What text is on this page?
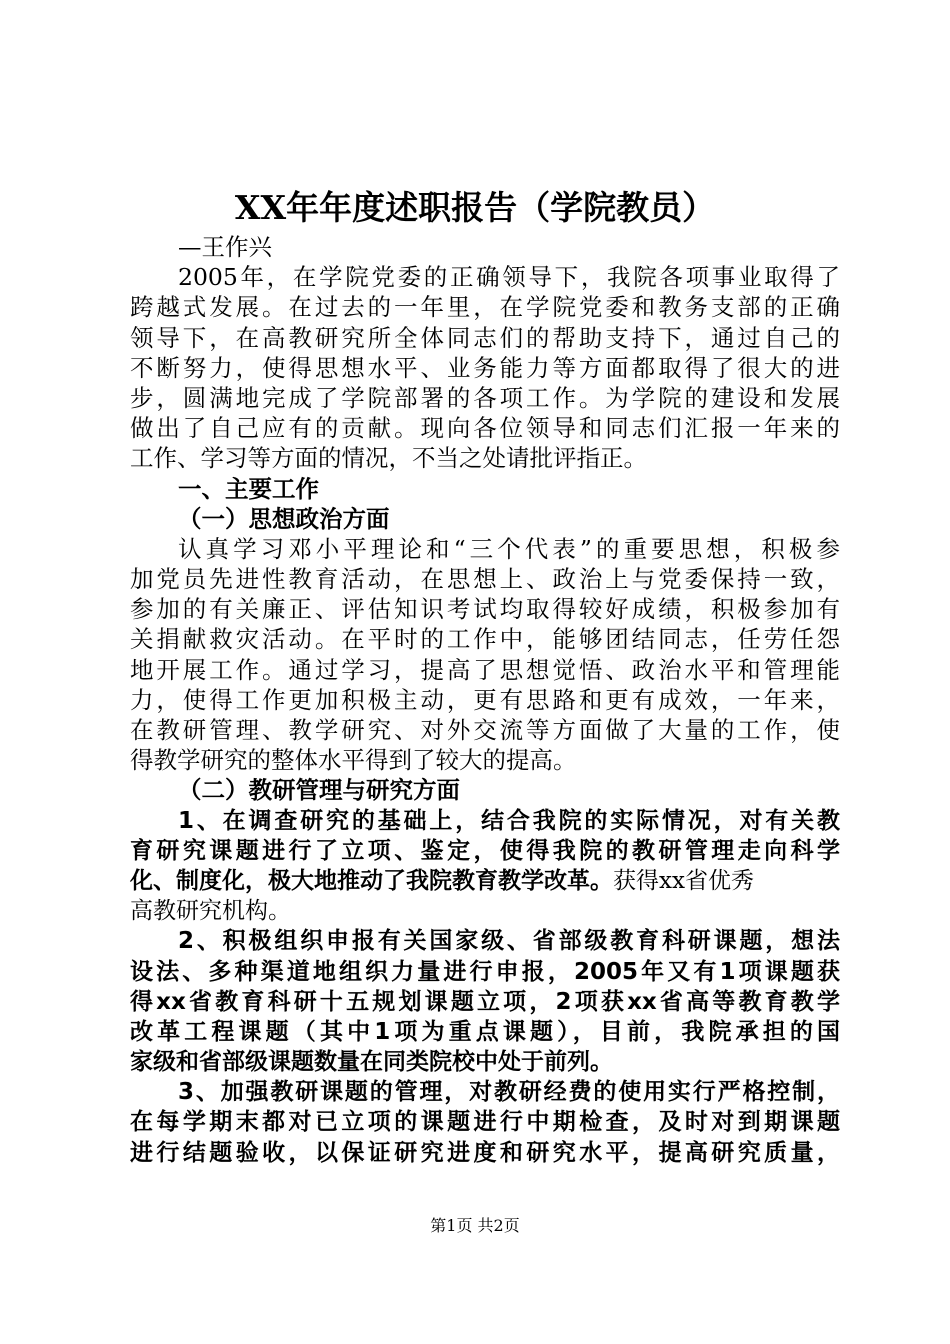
XX年年度述职报告（学院教员）
—王作兴
2005年，在学院党委的正确领导下，我院各项事业取得了
跨越式发展。在过去的一年里，在学院党委和教务支部的正确
领导下，在高教研究所全体同志们的帮助支持下，通过自己的
不断努力，使得思想水平、业务能力等方面都取得了很大的进
步，圆满地完成了学院部署的各项工作。为学院的建设和发展
做出了自己应有的贡献。现向各位领导和同志们汇报一年来的
工作、学习等方面的情况，不当之处请批评指正。
一、主要工作
（一）思想政治方面
认真学习邓小平理论和“三个代表”的重要思想，积极参
加党员先进性教育活动，在思想上、政治上与党委保持一致，
参加的有关廉正、评估知识考试均取得较好成绩，积极参加有
关捐献救灾活动。在平时的工作中，能够团结同志，任劳任怨
地开展工作。通过学习，提高了思想觉悟、政治水平和管理能
力，使得工作更加积极主动，更有思路和更有成效，一年来，
在教研管理、教学研究、对外交流等方面做了大量的工作，使
得教学研究的整体水平得到了较大的提高。
（二）教研管理与研究方面
1、在调查研究的基础上，结合我院的实际情况，对有关教
育研究课题进行了立项、鉴定，使得我院的教研管理走向科学
化、制度化，极大地推动了我院教育教学改革。获得xx省优秀
高教研究机构。
2、积极组织申报有关国家级、省部级教育科研课题，想法
设法、多种渠道地组织力量进行申报，2005年又有1项课题获
得xx省教育科研十五规划课题立项，2项获xx省高等教育教学
改革工程课题（其中1项为重点课题），目前，我院承担的国
家级和省部级课题数量在同类院校中处于前列。
3、加强教研课题的管理，对教研经费的使用实行严格控制，
在每学期末都对已立项的课题进行中期检查，及时对到期课题
进行结题验收，以保证研究进度和研究水平，提高研究质量，
第1页 共2页
